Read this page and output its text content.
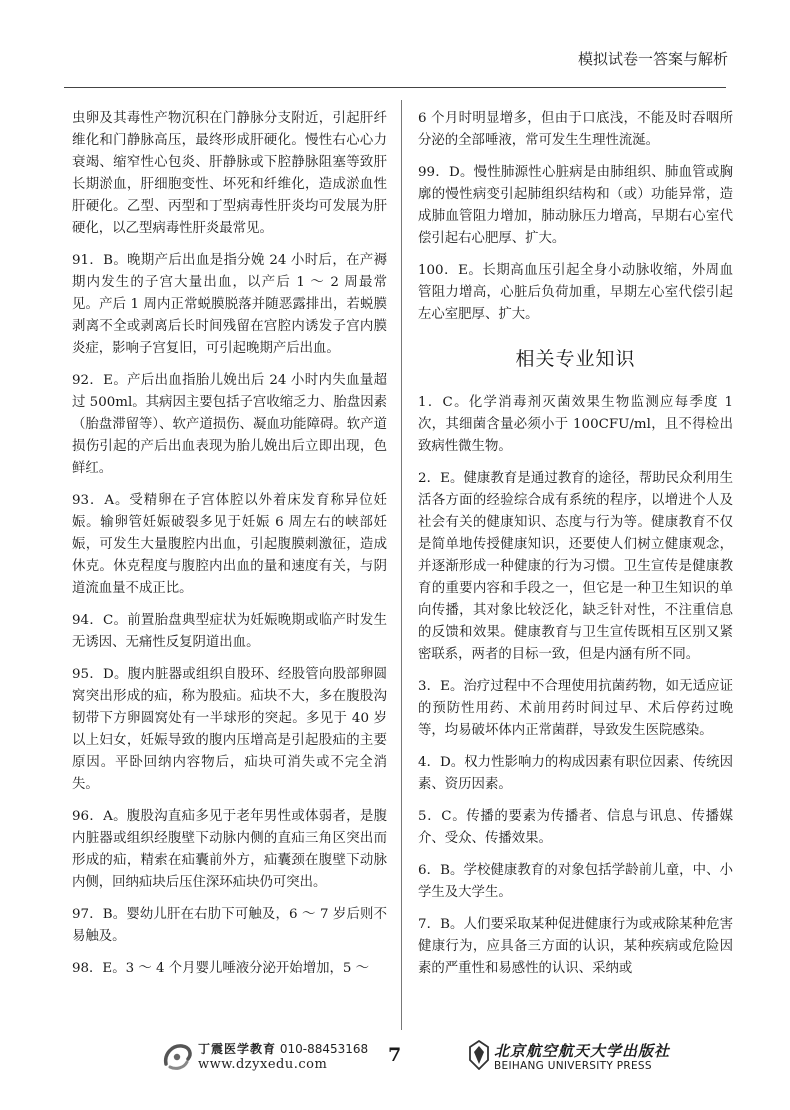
模拟试卷一答案与解析

虫卵及其毒性产物沉积在门静脉分支附近，引起肝纤维化和门静脉高压，最终形成肝硬化。慢性右心心力衰竭、缩窄性心包炎、肝静脉或下腔静脉阻塞等致肝长期淤血，肝细胞变性、坏死和纤维化，造成淤血性肝硬化。乙型、丙型和丁型病毒性肝炎均可发展为肝硬化，以乙型病毒性肝炎最常见。

91．B。晚期产后出血是指分娩 24 小时后，在产褥期内发生的子宫大量出血，以产后 1 ～ 2 周最常见。产后 1 周内正常蜕膜脱落并随恶露排出，若蜕膜剥离不全或剥离后长时间残留在宫腔内诱发子宫内膜炎症，影响子宫复旧，可引起晚期产后出血。

92．E。产后出血指胎儿娩出后 24 小时内失血量超过 500ml。其病因主要包括子宫收缩乏力、胎盘因素（胎盘滞留等）、软产道损伤、凝血功能障碍。软产道损伤引起的产后出血表现为胎儿娩出后立即出现，色鲜红。

93．A。受精卵在子宫体腔以外着床发育称异位妊娠。输卵管妊娠破裂多见于妊娠 6 周左右的峡部妊娠，可发生大量腹腔内出血，引起腹膜刺激征，造成休克。休克程度与腹腔内出血的量和速度有关，与阴道流血量不成正比。

94．C。前置胎盘典型症状为妊娠晚期或临产时发生无诱因、无痛性反复阴道出血。

95．D。腹内脏器或组织自股环、经股管向股部卵圆窝突出形成的疝，称为股疝。疝块不大，多在腹股沟韧带下方卵圆窝处有一半球形的突起。多见于 40 岁以上妇女，妊娠导致的腹内压增高是引起股疝的主要原因。平卧回纳内容物后，疝块可消失或不完全消失。

96．A。腹股沟直疝多见于老年男性或体弱者，是腹内脏器或组织经腹壁下动脉内侧的直疝三角区突出而形成的疝，精索在疝囊前外方，疝囊颈在腹壁下动脉内侧，回纳疝块后压住深环疝块仍可突出。

97．B。婴幼儿肝在右肋下可触及，6 ～ 7 岁后则不易触及。

98．E。3 ～ 4 个月婴儿唾液分泌开始增加，5 ～

6 个月时明显增多，但由于口底浅，不能及时吞咽所分泌的全部唾液，常可发生生理性流涎。

99．D。慢性肺源性心脏病是由肺组织、肺血管或胸廓的慢性病变引起肺组织结构和（或）功能异常，造成肺血管阻力增加，肺动脉压力增高，早期右心室代偿引起右心肥厚、扩大。

100．E。长期高血压引起全身小动脉收缩，外周血管阻力增高，心脏后负荷加重，早期左心室代偿引起左心室肥厚、扩大。

相关专业知识

1．C。化学消毒剂灭菌效果生物监测应每季度 1 次，其细菌含量必须小于 100CFU/ml，且不得检出致病性微生物。

2．E。健康教育是通过教育的途径，帮助民众利用生活各方面的经验综合成有系统的程序，以增进个人及社会有关的健康知识、态度与行为等。健康教育不仅是简单地传授健康知识，还要使人们树立健康观念，并逐渐形成一种健康的行为习惯。卫生宣传是健康教育的重要内容和手段之一，但它是一种卫生知识的单向传播，其对象比较泛化，缺乏针对性，不注重信息的反馈和效果。健康教育与卫生宣传既相互区别又紧密联系，两者的目标一致，但是内涵有所不同。

3．E。治疗过程中不合理使用抗菌药物，如无适应证的预防性用药、术前用药时间过早、术后停药过晚等，均易破坏体内正常菌群，导致发生医院感染。

4．D。权力性影响力的构成因素有职位因素、传统因素、资历因素。

5．C。传播的要素为传播者、信息与讯息、传播媒介、受众、传播效果。

6．B。学校健康教育的对象包括学龄前儿童，中、小学生及大学生。

7．B。人们要采取某种促进健康行为或戒除某种危害健康行为，应具备三方面的认识，某种疾病或危险因素的严重性和易感性的认识、采纳或

丁震医学教育 010-88453168
www.dzyxedu.com	7	北京航空航天大学出版社
BEIHANG UNIVERSITY PRESS
